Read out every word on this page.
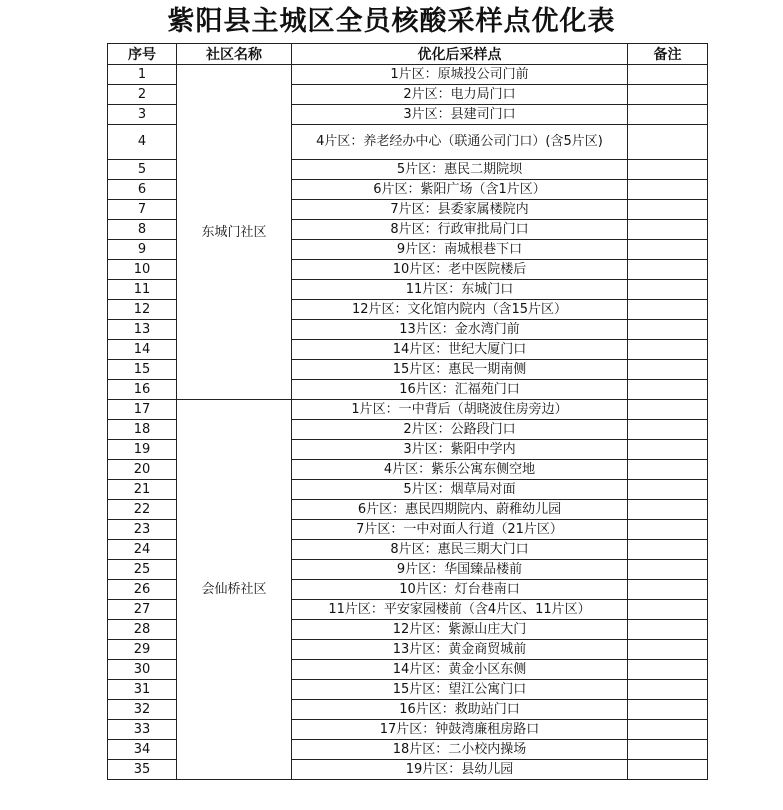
紫阳县主城区全员核酸采样点优化表
序号	社区名称	优化后采样点	备注
1	东城门社区	1片区：原城投公司门前	
2		2片区：电力局门口	
3		3片区：县建司门口	
4		4片区：养老经办中心（联通公司门口）(含5片区)	
5		5片区：惠民二期院坝	
6		6片区：紫阳广场（含1片区）	
7		7片区：县委家属楼院内	
8		8片区：行政审批局门口	
9		9片区：南城根巷下口	
10		10片区：老中医院楼后	
11		11片区：东城门口	
12		12片区：文化馆内院内（含15片区）	
13		13片区：金水湾门前	
14		14片区：世纪大厦门口	
15		15片区：惠民一期南侧	
16		16片区：汇福苑门口	
17	会仙桥社区	1片区：一中背后（胡晓波住房旁边）	
18		2片区：公路段门口	
19		3片区：紫阳中学内	
20		4片区：紫乐公寓东侧空地	
21		5片区：烟草局对面	
22		6片区：惠民四期院内、蔚稚幼儿园	
23		7片区：一中对面人行道（21片区）	
24		8片区：惠民三期大门口	
25		9片区：华国臻品楼前	
26		10片区：灯台巷南口	
27		11片区：平安家园楼前（含4片区、11片区）	
28		12片区：紫源山庄大门	
29		13片区：黄金商贸城前	
30		14片区：黄金小区东侧	
31		15片区：望江公寓门口	
32		16片区：救助站门口	
33		17片区：钟鼓湾廉租房路口	
34		18片区：二小校内操场	
35		19片区：县幼儿园	
